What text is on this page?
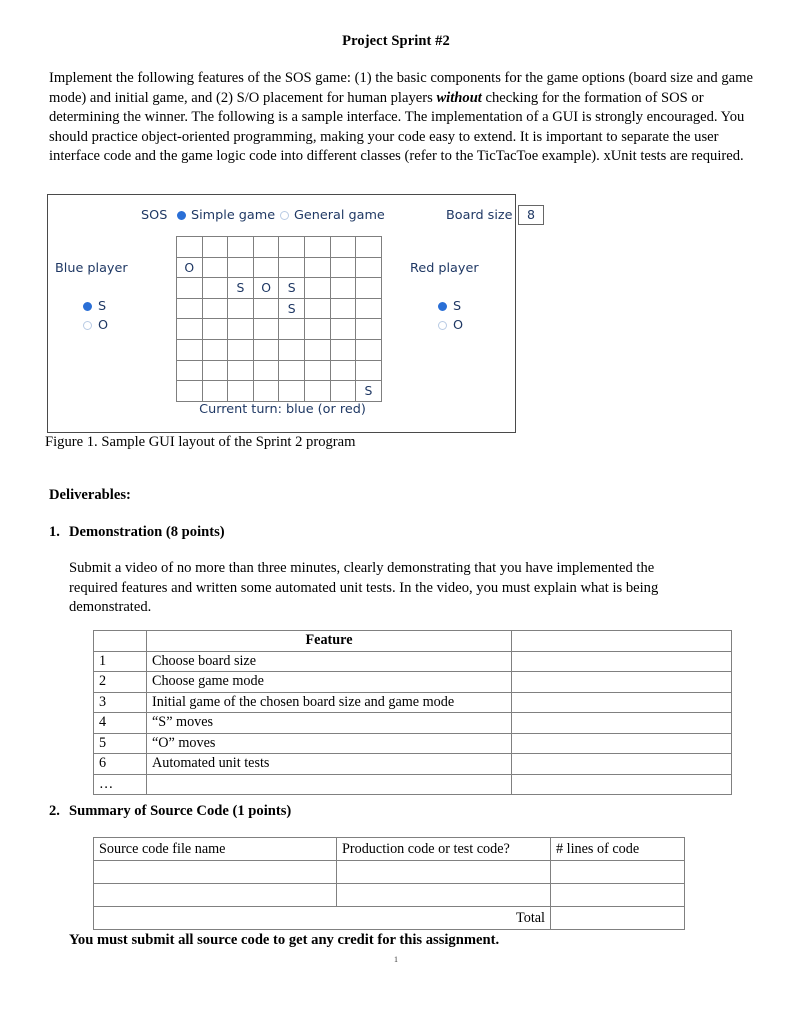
Project Sprint #2
Implement the following features of the SOS game: (1) the basic components for the game options (board size and game mode) and initial game, and (2) S/O placement for human players without checking for the formation of SOS or determining the winner. The following is a sample interface. The implementation of a GUI is strongly encouraged. You should practice object-oriented programming, making your code easy to extend. It is important to separate the user interface code and the game logic code into different classes (refer to the TicTacToe example). xUnit tests are required.
SOS	Simple game	General game	Board size	8
Blue player
S
O
Red player
S
O

O							
		S	O	S			
				S			

							S
Current turn: blue (or red)
Figure 1. Sample GUI layout of the Sprint 2 program
Deliverables:
1. Demonstration (8 points)
Submit a video of no more than three minutes, clearly demonstrating that you have implemented the required features and written some automated unit tests. In the video, you must explain what is being demonstrated.
	Feature	
1	Choose board size	
2	Choose game mode	
3	Initial game of the chosen board size and game mode	
4	“S” moves	
5	“O” moves	
6	Automated unit tests	
…		
2. Summary of Source Code (1 points)
Source code file name	Production code or test code?	# lines of code

Total		
You must submit all source code to get any credit for this assignment.
1
